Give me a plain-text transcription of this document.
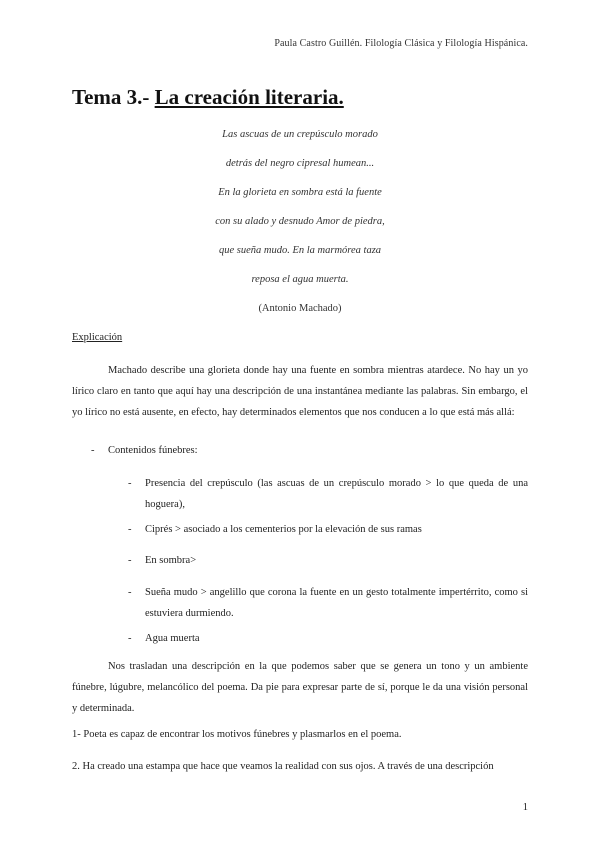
Paula Castro Guillén. Filología Clásica y Filología Hispánica.
Tema 3.- La creación literaria.
Las ascuas de un crepúsculo morado
detrás del negro cipresal humean...
En la glorieta en sombra está la fuente
con su alado y desnudo Amor de piedra,
que sueña mudo. En la marmórea taza
reposa el agua muerta.
(Antonio Machado)
Explicación
Machado describe una glorieta donde hay una fuente en sombra mientras atardece. No hay un yo lírico claro en tanto que aquí hay una descripción de una instantánea mediante las palabras. Sin embargo, el yo lírico no está ausente, en efecto, hay determinados elementos que nos conducen a lo que está más allá:
- Contenidos fúnebres:
- Presencia del crepúsculo (las ascuas de un crepúsculo morado > lo que queda de una hoguera),
- Ciprés > asociado a los cementerios por la elevación de sus ramas
- En sombra>
- Sueña mudo > angelillo que corona la fuente en un gesto totalmente impertérrito, como si estuviera durmiendo.
- Agua muerta
Nos trasladan una descripción en la que podemos saber que se genera un tono y un ambiente fúnebre, lúgubre, melancólico del poema. Da pie para expresar parte de sí, porque le da una visión personal y determinada.
1- Poeta es capaz de encontrar los motivos fúnebres y plasmarlos en el poema.
2. Ha creado una estampa que hace que veamos la realidad con sus ojos. A través de una descripción
1
